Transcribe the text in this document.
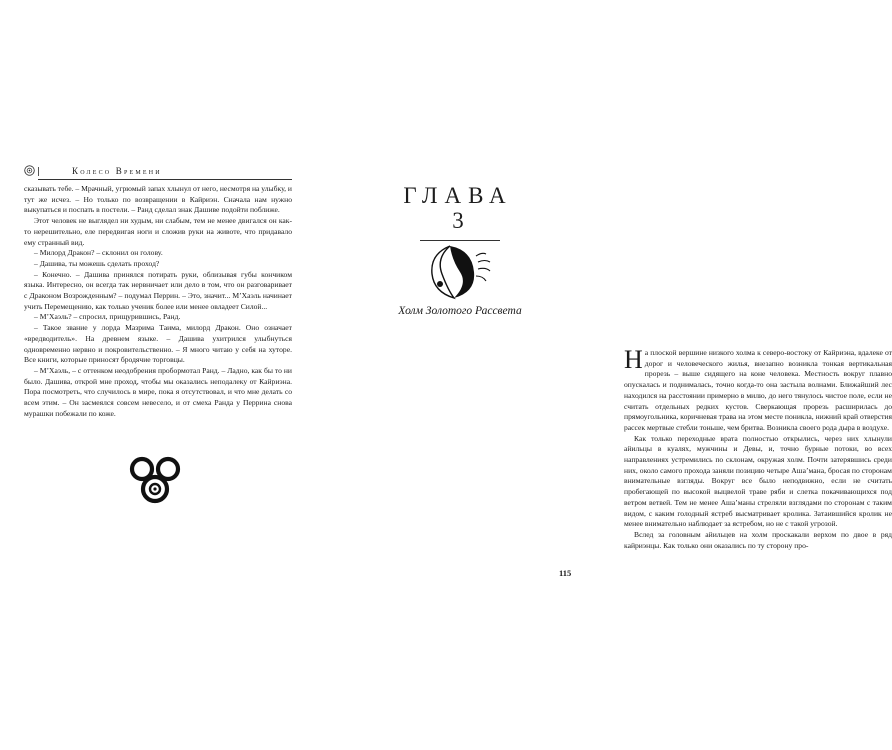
Колесо Времени

сказывать тебе. – Мрачный, угрюмый запах хлынул от него, несмотря на улыбку, и тут же исчез. – Но только по возвращении в Кайриэн. Сначала нам нужно выкупаться и поспать в постели. – Ранд сделал знак Дашиве подойти поближе.

Этот человек не выглядел ни худым, ни слабым, тем не менее двигался он как-то нерешительно, еле передвигая ноги и сложив руки на животе, что придавало ему странный вид.

– Милорд Дракон? – склонил он голову.

– Дашива, ты можешь сделать проход?

– Конечно. – Дашива принялся потирать руки, облизывая губы кончиком языка. Интересно, он всегда так нервничает или дело в том, что он разговаривает с Драконом Возрожденным? – подумал Перрин. – Это, значит... М’Хаэль начинает учить Перемещению, как только ученик более или менее овладеет Силой...

– М’Хаэль? – спросил, прищурившись, Ранд.

– Такое звание у лорда Мазрима Таима, милорд Дракон. Оно означает «вредводитель». На древнем языке. – Дашива ухитрился улыбнуться одновременно нервно и покровительственно. – Я много читаю у себя на хуторе. Все книги, которые приносят бродячие торговцы.

– М’Хаэль, – с оттенком неодобрения пробормотал Ранд. – Ладно, как бы то ни было. Дашива, открой мне проход, чтобы мы оказались неподалеку от Кайриэна. Пора посмотреть, что случилось в мире, пока я отсутствовал, и что мне делать со всем этим. – Он засмеялся совсем невесело, и от смеха Ранда у Перрина снова мурашки побежали по коже.

ГЛАВА
3
Холм Золотого Рассвета

На плоской вершине низкого холма к северо-востоку от Кайриэна, вдалеке от дорог и человеческого жилья, внезапно возникла тонкая вертикальная прорезь – выше сидящего на коне человека. Местность вокруг плавно опускалась и поднималась, точно когда-то она застыла волнами. Ближайший лес находился на расстоянии примерно в милю, до него тянулось чистое поле, если не считать отдельных редких кустов. Сверкающая прорезь расширилась до прямоугольника, коричневая трава на этом месте поникла, нижний край отверстия рассек мертвые стебли тоньше, чем бритва. Возникла своего рода дыра в воздухе.

Как только переходные врата полностью открылись, через них хлынули айильцы в куалях, мужчины и Девы, и, точно бурные потоки, во всех направлениях устремились по склонам, окружая холм. Почти затерявшись среди них, около самого прохода заняли позицию четыре Аша’мана, бросая по сторонам внимательные взгляды. Вокруг все было неподвижно, если не считать пробегающей по высокой выцвелой траве ряби и слетка покачивающихся под ветром ветвей. Тем не менее Аша’маны стреляли взглядами по сторонам с таким видом, с каким голодный ястреб высматривает кролика. Затаившийся кролик не менее внимательно наблюдает за ястребом, но не с такой угрозой.

Вслед за головным айильцев на холм проскакали верхом по двое в ряд кайриэнцы. Как только они оказались по ту сторону про-

115
